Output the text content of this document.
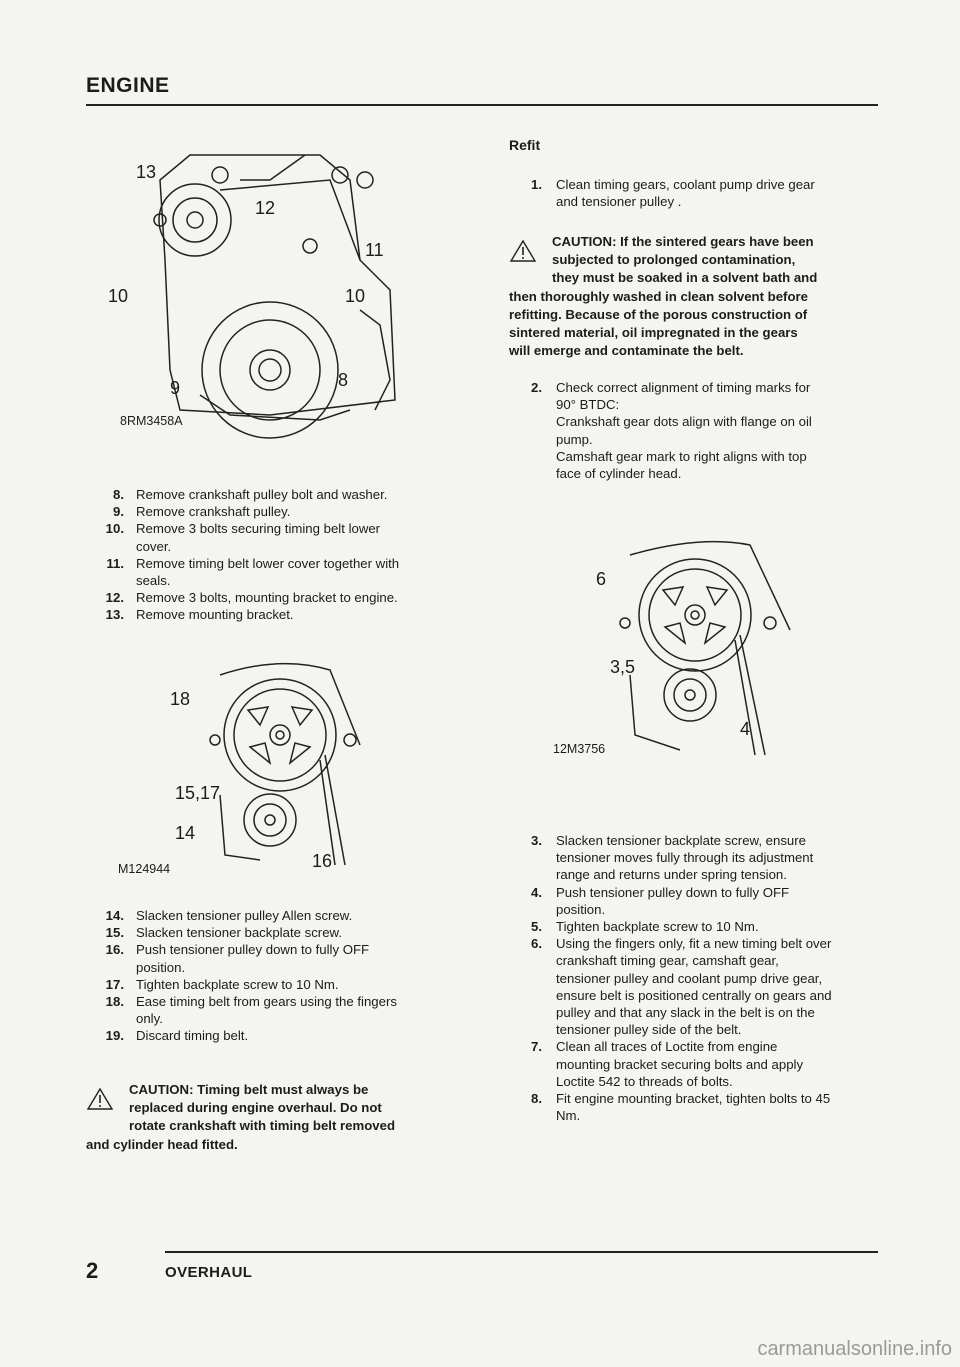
ENGINE
13
12
11
10	10
9	8
8RM3458A
8. Remove crankshaft pulley bolt and washer.
9. Remove crankshaft pulley.
10. Remove 3 bolts securing timing belt lower
cover.
11. Remove timing belt lower cover together with
seals.
12. Remove 3 bolts, mounting bracket to engine.
13. Remove mounting bracket.
18
15,17
14
16
M124944
14. Slacken tensioner pulley Allen screw.
15. Slacken tensioner backplate screw.
16. Push tensioner pulley down to fully OFF
position.
17. Tighten backplate screw to 10 Nm.
18. Ease timing belt from gears using the fingers
only.
19. Discard timing belt.
CAUTION: Timing belt must always be
replaced during engine overhaul. Do not
rotate crankshaft with timing belt removed
and cylinder head fitted.
Refit
1. Clean timing gears, coolant pump drive gear
and tensioner pulley .
CAUTION: If the sintered gears have been
subjected to prolonged contamination,
they must be soaked in a solvent bath and
then thoroughly washed in clean solvent before
refitting. Because of the porous construction of
sintered material, oil impregnated in the gears
will emerge and contaminate the belt.
2. Check correct alignment of timing marks for
90° BTDC:
Crankshaft gear dots align with flange on oil
pump.
Camshaft gear mark to right aligns with top
face of cylinder head.
6
3,5
4
12M3756
3. Slacken tensioner backplate screw, ensure
tensioner moves fully through its adjustment
range and returns under spring tension.
4. Push tensioner pulley down to fully OFF
position.
5. Tighten backplate screw to 10 Nm.
6. Using the fingers only, fit a new timing belt over
crankshaft timing gear, camshaft gear,
tensioner pulley and coolant pump drive gear,
ensure belt is positioned centrally on gears and
pulley and that any slack in the belt is on the
tensioner pulley side of the belt.
7. Clean all traces of Loctite from engine
mounting bracket securing bolts and apply
Loctite 542 to threads of bolts.
8. Fit engine mounting bracket, tighten bolts to 45
Nm.
2	OVERHAUL
carmanualsonline.info
